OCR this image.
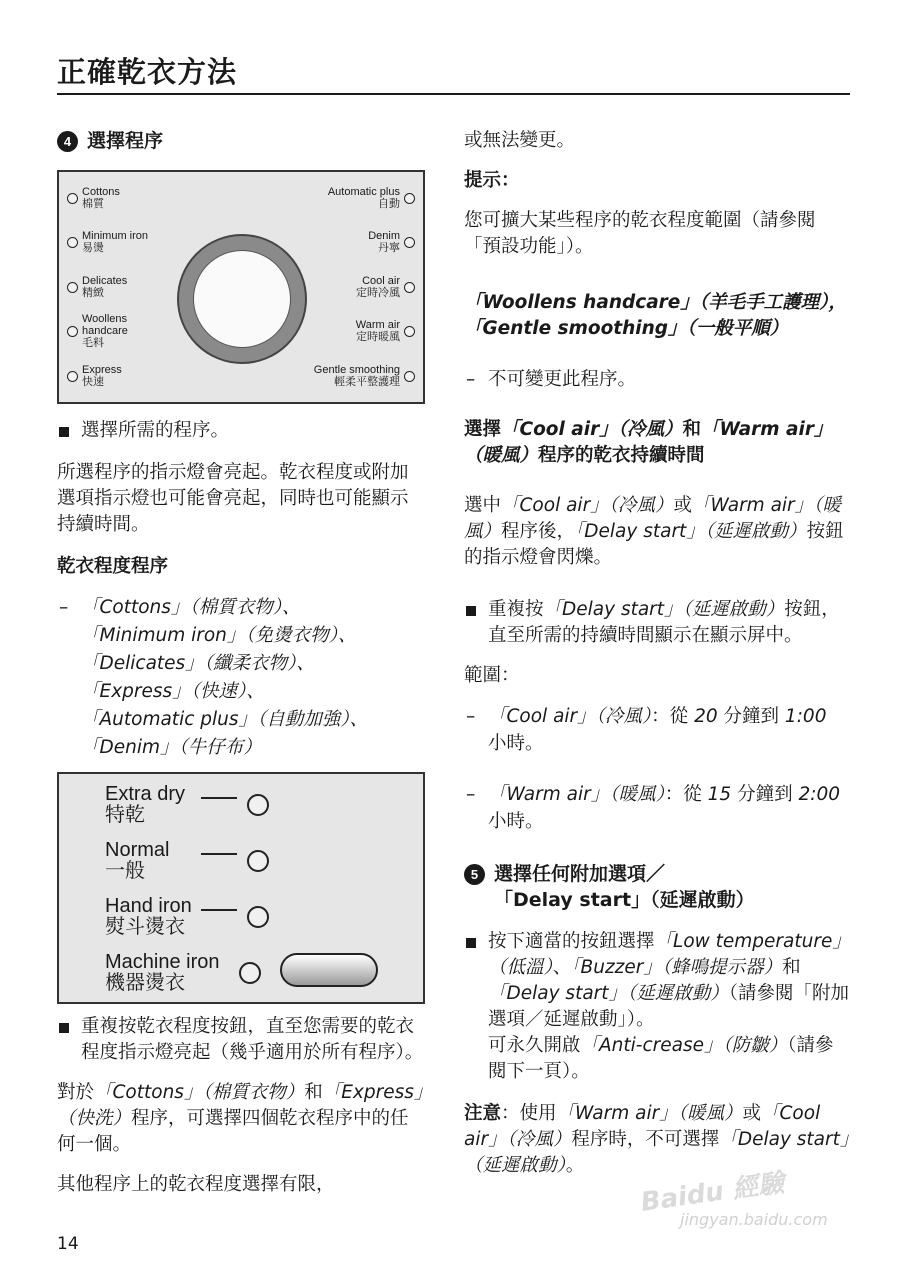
正確乾衣方法
4 選擇程序
Cottons
棉質
Minimum iron
易燙
Delicates
精緻
Woollens
handcare
毛料
Express
快速
Automatic plus
自動
Denim
丹寧
Cool air
定時冷風
Warm air
定時暖風
Gentle smoothing
輕柔平整護理
選擇所需的程序。
所選程序的指示燈會亮起。乾衣程度或附加選項指示燈也可能會亮起，同時也可能顯示持續時間。
乾衣程度程序
– 「Cottons」（棉質衣物）、
「Minimum iron」（免燙衣物）、
「Delicates」（纖柔衣物）、
「Express」（快速）、
「Automatic plus」（自動加強）、
「Denim」（牛仔布）
Extra dry
特乾
Normal
一般
Hand iron
熨斗燙衣
Machine iron
機器燙衣
重複按乾衣程度按鈕，直至您需要的乾衣程度指示燈亮起（幾乎適用於所有程序）。
對於「Cottons」（棉質衣物）和「Express」（快洗）程序，可選擇四個乾衣程序中的任何一個。
其他程序上的乾衣程度選擇有限，
或無法變更。
提示：
您可擴大某些程序的乾衣程度範圍（請參閱「預設功能」）。
「Woollens handcare」（羊毛手工護理），「Gentle smoothing」（一般平順）
– 不可變更此程序。
選擇「Cool air」（冷風）和「Warm air」（暖風）程序的乾衣持續時間
選中「Cool air」（冷風）或「Warm air」（暖風）程序後，「Delay start」（延遲啟動）按鈕的指示燈會閃爍。
重複按「Delay start」（延遲啟動）按鈕，直至所需的持續時間顯示在顯示屏中。
範圍：
– 「Cool air」（冷風）：從 20 分鐘到 1:00 小時。
– 「Warm air」（暖風）：從 15 分鐘到 2:00 小時。
5 選擇任何附加選項／
「Delay start」（延遲啟動）
按下適當的按鈕選擇「Low temperature」（低溫）、「Buzzer」（蜂鳴提示器）和「Delay start」（延遲啟動）（請參閱「附加選項／延遲啟動」）。
可永久開啟「Anti-crease」（防皺）（請參閱下一頁）。
注意：使用「Warm air」（暖風）或「Cool air」（冷風）程序時，不可選擇「Delay start」（延遲啟動）。
Baidu 經驗
jingyan.baidu.com
14
